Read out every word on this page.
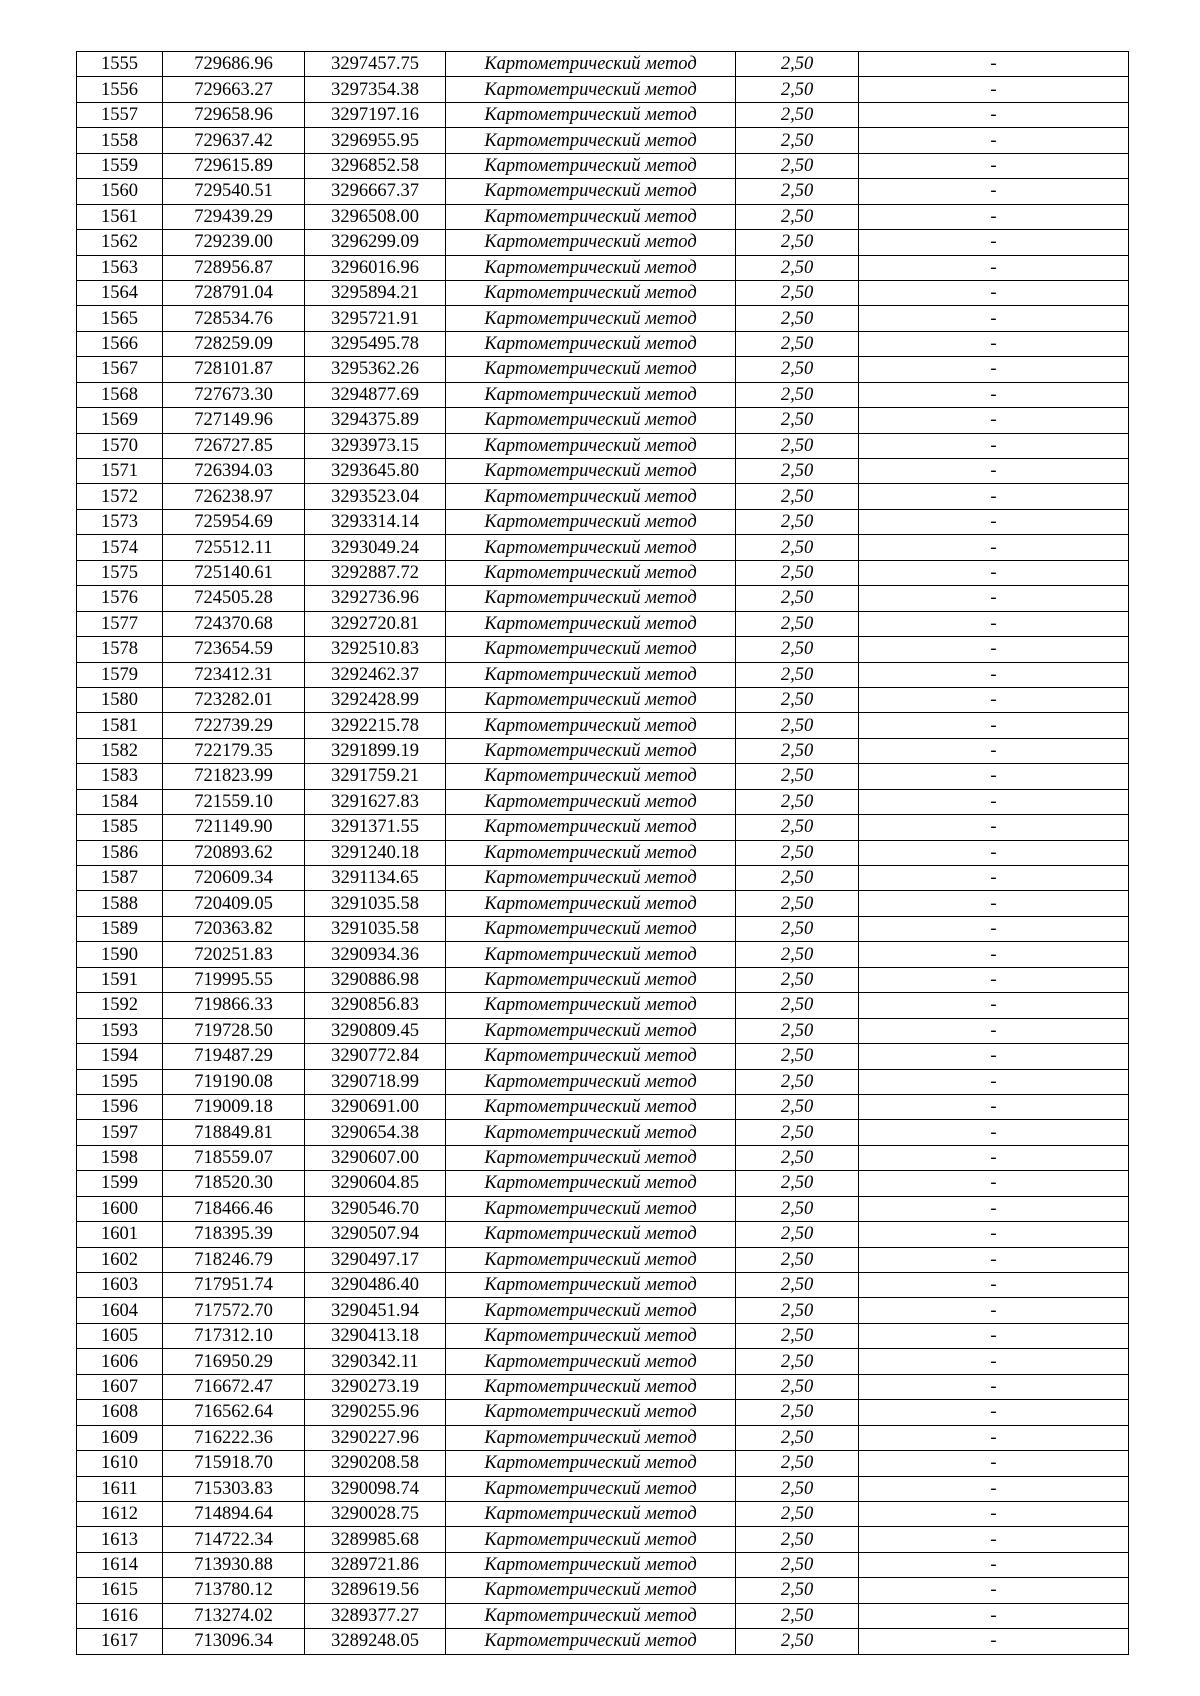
1555	729686.96	3297457.75	Картометрический метод	2,50	-
1556	729663.27	3297354.38	Картометрический метод	2,50	-
1557	729658.96	3297197.16	Картометрический метод	2,50	-
1558	729637.42	3296955.95	Картометрический метод	2,50	-
1559	729615.89	3296852.58	Картометрический метод	2,50	-
1560	729540.51	3296667.37	Картометрический метод	2,50	-
1561	729439.29	3296508.00	Картометрический метод	2,50	-
1562	729239.00	3296299.09	Картометрический метод	2,50	-
1563	728956.87	3296016.96	Картометрический метод	2,50	-
1564	728791.04	3295894.21	Картометрический метод	2,50	-
1565	728534.76	3295721.91	Картометрический метод	2,50	-
1566	728259.09	3295495.78	Картометрический метод	2,50	-
1567	728101.87	3295362.26	Картометрический метод	2,50	-
1568	727673.30	3294877.69	Картометрический метод	2,50	-
1569	727149.96	3294375.89	Картометрический метод	2,50	-
1570	726727.85	3293973.15	Картометрический метод	2,50	-
1571	726394.03	3293645.80	Картометрический метод	2,50	-
1572	726238.97	3293523.04	Картометрический метод	2,50	-
1573	725954.69	3293314.14	Картометрический метод	2,50	-
1574	725512.11	3293049.24	Картометрический метод	2,50	-
1575	725140.61	3292887.72	Картометрический метод	2,50	-
1576	724505.28	3292736.96	Картометрический метод	2,50	-
1577	724370.68	3292720.81	Картометрический метод	2,50	-
1578	723654.59	3292510.83	Картометрический метод	2,50	-
1579	723412.31	3292462.37	Картометрический метод	2,50	-
1580	723282.01	3292428.99	Картометрический метод	2,50	-
1581	722739.29	3292215.78	Картометрический метод	2,50	-
1582	722179.35	3291899.19	Картометрический метод	2,50	-
1583	721823.99	3291759.21	Картометрический метод	2,50	-
1584	721559.10	3291627.83	Картометрический метод	2,50	-
1585	721149.90	3291371.55	Картометрический метод	2,50	-
1586	720893.62	3291240.18	Картометрический метод	2,50	-
1587	720609.34	3291134.65	Картометрический метод	2,50	-
1588	720409.05	3291035.58	Картометрический метод	2,50	-
1589	720363.82	3291035.58	Картометрический метод	2,50	-
1590	720251.83	3290934.36	Картометрический метод	2,50	-
1591	719995.55	3290886.98	Картометрический метод	2,50	-
1592	719866.33	3290856.83	Картометрический метод	2,50	-
1593	719728.50	3290809.45	Картометрический метод	2,50	-
1594	719487.29	3290772.84	Картометрический метод	2,50	-
1595	719190.08	3290718.99	Картометрический метод	2,50	-
1596	719009.18	3290691.00	Картометрический метод	2,50	-
1597	718849.81	3290654.38	Картометрический метод	2,50	-
1598	718559.07	3290607.00	Картометрический метод	2,50	-
1599	718520.30	3290604.85	Картометрический метод	2,50	-
1600	718466.46	3290546.70	Картометрический метод	2,50	-
1601	718395.39	3290507.94	Картометрический метод	2,50	-
1602	718246.79	3290497.17	Картометрический метод	2,50	-
1603	717951.74	3290486.40	Картометрический метод	2,50	-
1604	717572.70	3290451.94	Картометрический метод	2,50	-
1605	717312.10	3290413.18	Картометрический метод	2,50	-
1606	716950.29	3290342.11	Картометрический метод	2,50	-
1607	716672.47	3290273.19	Картометрический метод	2,50	-
1608	716562.64	3290255.96	Картометрический метод	2,50	-
1609	716222.36	3290227.96	Картометрический метод	2,50	-
1610	715918.70	3290208.58	Картометрический метод	2,50	-
1611	715303.83	3290098.74	Картометрический метод	2,50	-
1612	714894.64	3290028.75	Картометрический метод	2,50	-
1613	714722.34	3289985.68	Картометрический метод	2,50	-
1614	713930.88	3289721.86	Картометрический метод	2,50	-
1615	713780.12	3289619.56	Картометрический метод	2,50	-
1616	713274.02	3289377.27	Картометрический метод	2,50	-
1617	713096.34	3289248.05	Картометрический метод	2,50	-
